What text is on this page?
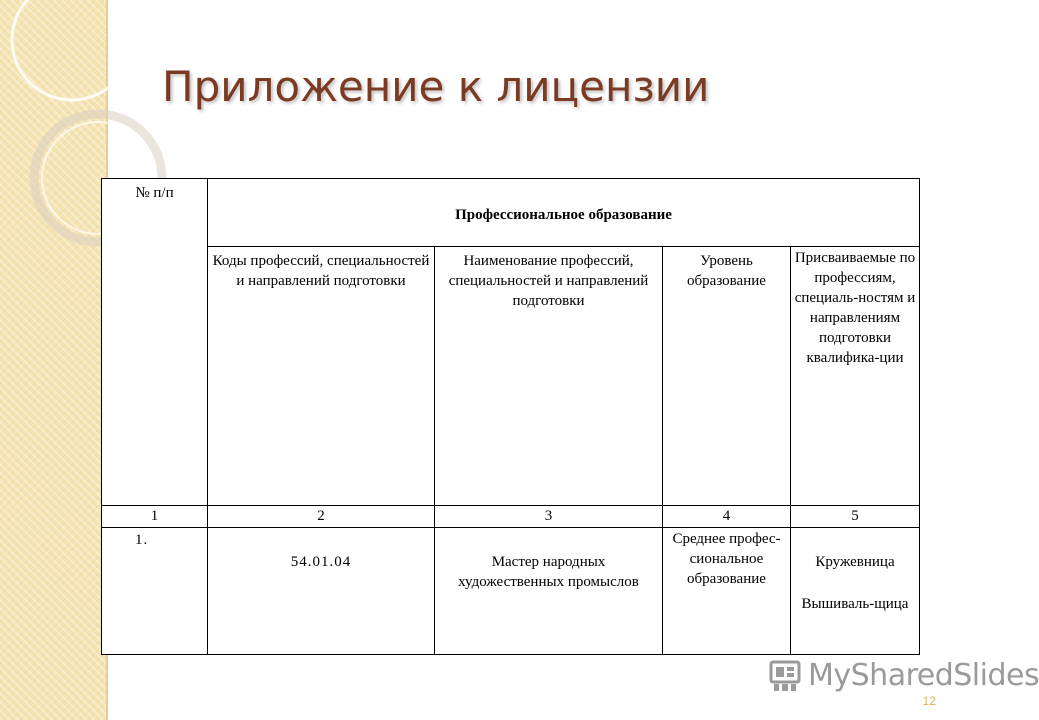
Приложение к лицензии
№ п/п	Профессиональное образование			

	Коды профессий, специальностей и направлений подготовки	Наименование профессий, специальностей и направлений подготовки	Уровень образование	Присваиваемые по профессиям, специаль-ностям и направлениям подготовки квалифика-ции

1	2	3	4	5

1.	54.01.04	Мастер народных художественных промыслов	Среднее профес-сиональное образование	Кружевница
Вышиваль-щица
MySharedSlides
12
